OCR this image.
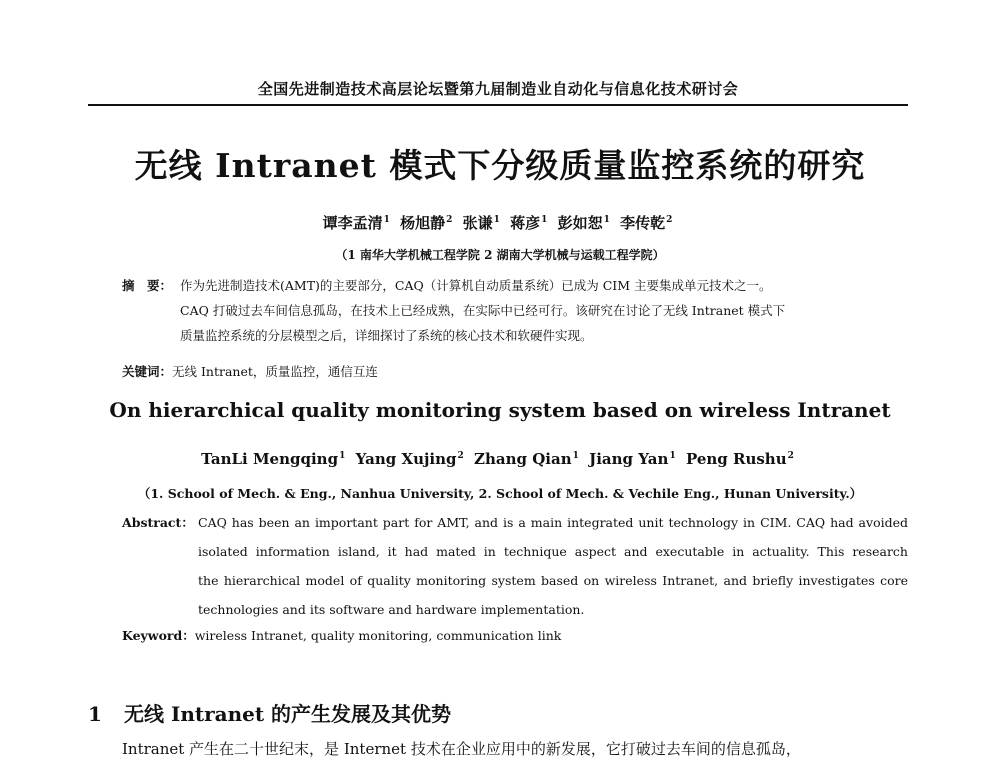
全国先进制造技术高层论坛暨第九届制造业自动化与信息化技术研讨会
无线 Intranet 模式下分级质量监控系统的研究
谭李孟清$^1$ 杨旭静$^2$ 张谦$^1$ 蒋彦$^1$ 彭如恕$^1$ 李传乾$^2$
（1 南华大学机械工程学院 2 湖南大学机械与运载工程学院）
摘　要： 作为先进制造技术(AMT)的主要部分，CAQ（计算机自动质量系统）已成为 CIM 主要集成单元技术之一。
CAQ 打破过去车间信息孤岛，在技术上已经成熟，在实际中已经可行。该研究在讨论了无线 Intranet 模式下
质量监控系统的分层模型之后，详细探讨了系统的核心技术和软硬件实现。
关键词：无线 Intranet，质量监控，通信互连
On hierarchical quality monitoring system based on wireless Intranet
TanLi Mengqing$^1$ Yang Xujing$^2$ Zhang Qian$^1$ Jiang Yan$^1$ Peng Rushu$^2$
（1. School of Mech. & Eng., Nanhua University, 2. School of Mech. & Vechile Eng., Hunan University.）
Abstract： CAQ has been an important part for AMT, and is a main integrated unit technology in CIM. CAQ had avoided
isolated information island, it had mated in technique aspect and executable in actuality. This research
the hierarchical model of quality monitoring system based on wireless Intranet, and briefly investigates core
technologies and its software and hardware implementation.
Keyword：wireless Intranet, quality monitoring, communication link
1 无线 Intranet 的产生发展及其优势
Intranet 产生在二十世纪末，是 Internet 技术在企业应用中的新发展，它打破过去车间的信息孤岛，
